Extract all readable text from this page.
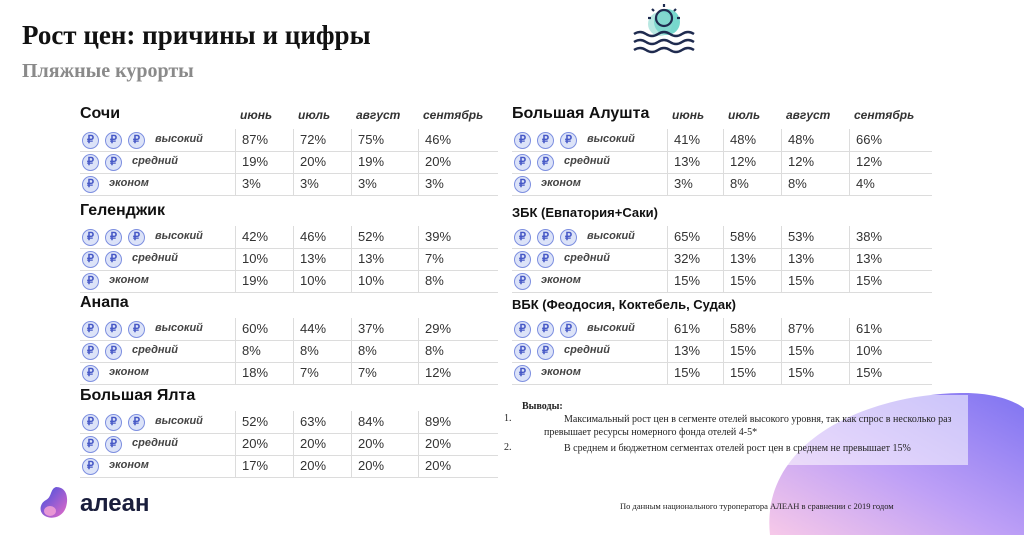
Рост цен: причины и цифры
Пляжные курорты
Сочи	июнь июль август сентябрь
₽	₽	₽	высокий	87% 72% 75%	46%
₽	₽	средний	19% 20% 19%	20%
₽	эконом	3%	3%	3%	3%
Геленджик
₽	₽	₽	высокий	42% 46% 52%	39%
₽	₽	средний	10% 13% 13%	7%
₽	эконом	19% 10% 10%	8%
Анапа
₽	₽	₽	высокий	60% 44% 37%	29%
₽	₽	средний	8%	8%	8%	8%
₽	эконом	18% 7%	7%	12%
Большая Ялта
₽	₽	₽	высокий	52% 63% 84%	89%
₽	₽	средний	20% 20% 20%	20%
₽	эконом	17% 20% 20%	20%
Большая Алушта июнь июль август сентябрь
₽	₽	₽	высокий	41% 48% 48%	66%
₽	₽	средний	13% 12% 12%	12%
₽	эконом	3%	8%	8%	4%
ЗБК (Евпатория+Саки)
₽	₽	₽	высокий	65% 58% 53%	38%
₽	₽	средний	32% 13% 13%	13%
₽	эконом	15% 15% 15%	15%
ВБК (Феодосия, Коктебель, Судак)
₽	₽	₽	высокий	61% 58% 87%	61%
₽	₽	средний	13% 15% 15%	10%
₽	эконом	15% 15% 15%	15%
Выводы:
1.	Максимальный рост цен в сегменте отелей высокого уровня, так как спрос в несколько раз превышает ресурсы номерного фонда отелей 4-5*
2.	В среднем и бюджетном сегментах отелей рост цен в среднем не превышает 15%
алеан	По данным национального туроператора АЛЕАН в сравнении с 2019 годом
